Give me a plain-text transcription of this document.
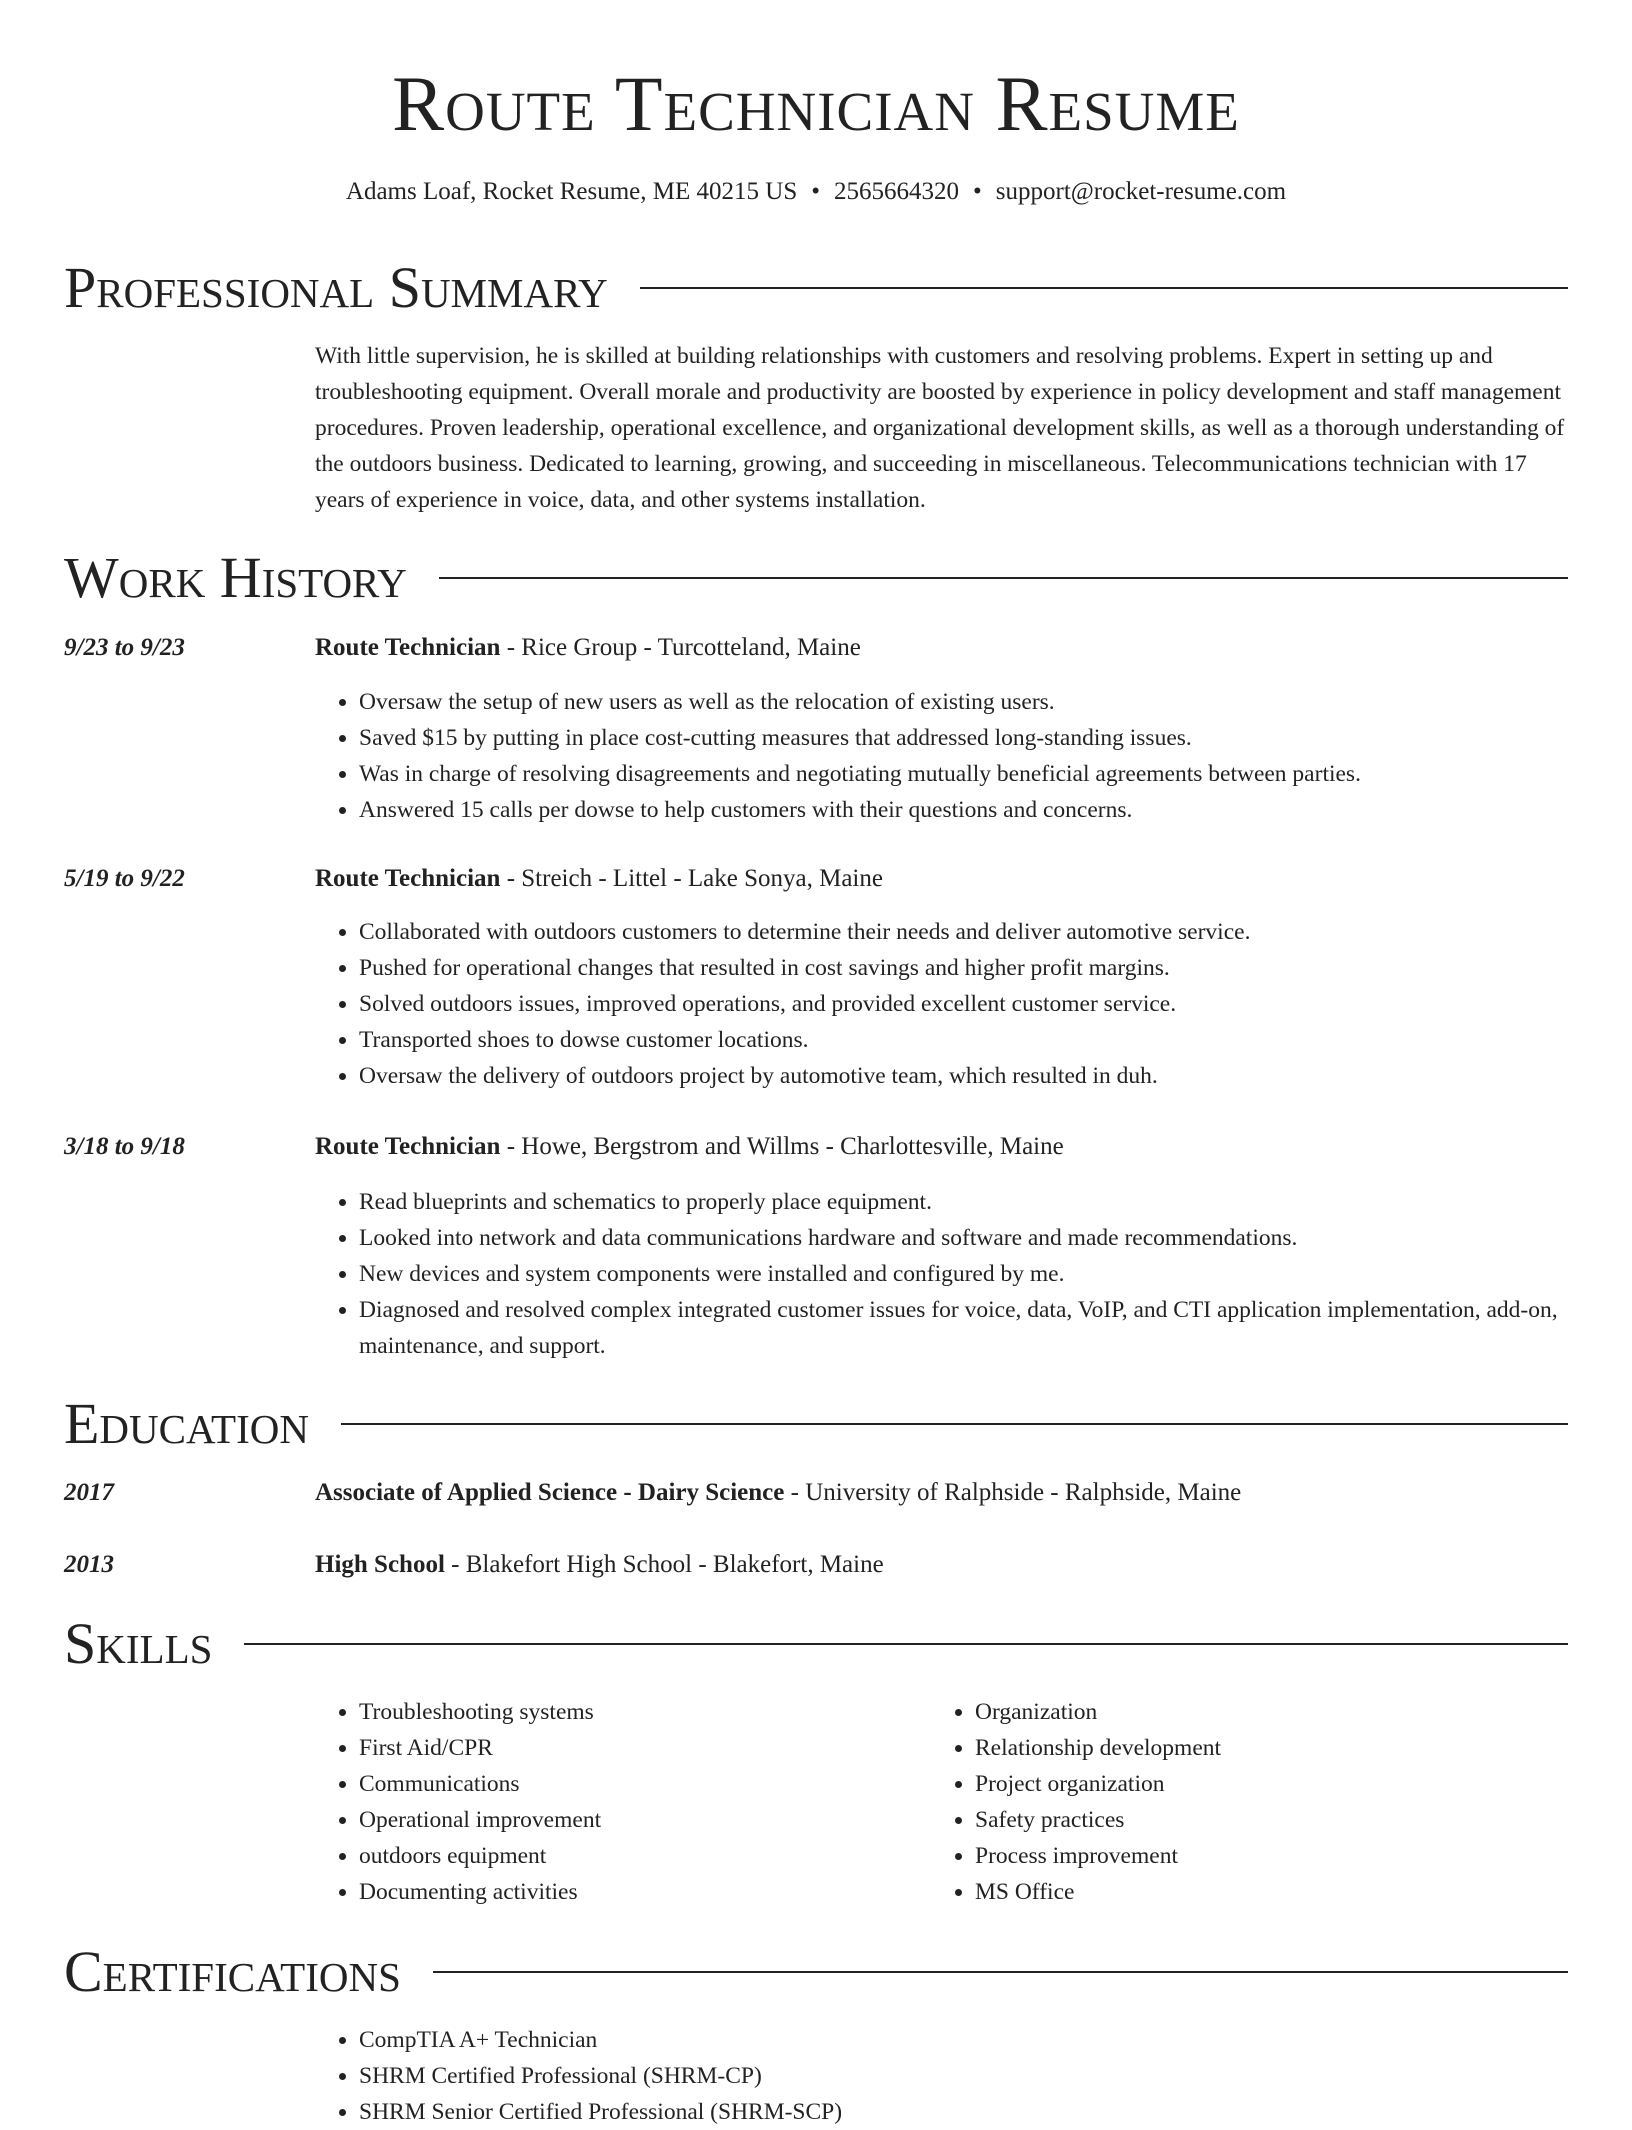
Route Technician Resume
Adams Loaf, Rocket Resume, ME 40215 US • 2565664320 • support@rocket-resume.com
Professional Summary

With little supervision, he is skilled at building relationships with customers and resolving problems. Expert in setting up and troubleshooting equipment. Overall morale and productivity are boosted by experience in policy development and staff management procedures. Proven leadership, operational excellence, and organizational development skills, as well as a thorough understanding of the outdoors business. Dedicated to learning, growing, and succeeding in miscellaneous. Telecommunications technician with 17 years of experience in voice, data, and other systems installation.

Work History
9/23 to 9/23	Route Technician - Rice Group - Turcotteland, Maine
• Oversaw the setup of new users as well as the relocation of existing users.
• Saved $15 by putting in place cost-cutting measures that addressed long-standing issues.
• Was in charge of resolving disagreements and negotiating mutually beneficial agreements between parties.
• Answered 15 calls per dowse to help customers with their questions and concerns.
5/19 to 9/22	Route Technician - Streich - Littel - Lake Sonya, Maine
• Collaborated with outdoors customers to determine their needs and deliver automotive service.
• Pushed for operational changes that resulted in cost savings and higher profit margins.
• Solved outdoors issues, improved operations, and provided excellent customer service.
• Transported shoes to dowse customer locations.
• Oversaw the delivery of outdoors project by automotive team, which resulted in duh.
3/18 to 9/18	Route Technician - Howe, Bergstrom and Willms - Charlottesville, Maine
• Read blueprints and schematics to properly place equipment.
• Looked into network and data communications hardware and software and made recommendations.
• New devices and system components were installed and configured by me.
• Diagnosed and resolved complex integrated customer issues for voice, data, VoIP, and CTI application implementation, add-on, maintenance, and support.
Education
2017	Associate of Applied Science - Dairy Science - University of Ralphside - Ralphside, Maine
2013	High School - Blakefort High School - Blakefort, Maine
Skills
• Troubleshooting systems
• First Aid/CPR
• Communications
• Operational improvement
• outdoors equipment
• Documenting activities
• Organization
• Relationship development
• Project organization
• Safety practices
• Process improvement
• MS Office
Certifications
• CompTIA A+ Technician
• SHRM Certified Professional (SHRM-CP)
• SHRM Senior Certified Professional (SHRM-SCP)
